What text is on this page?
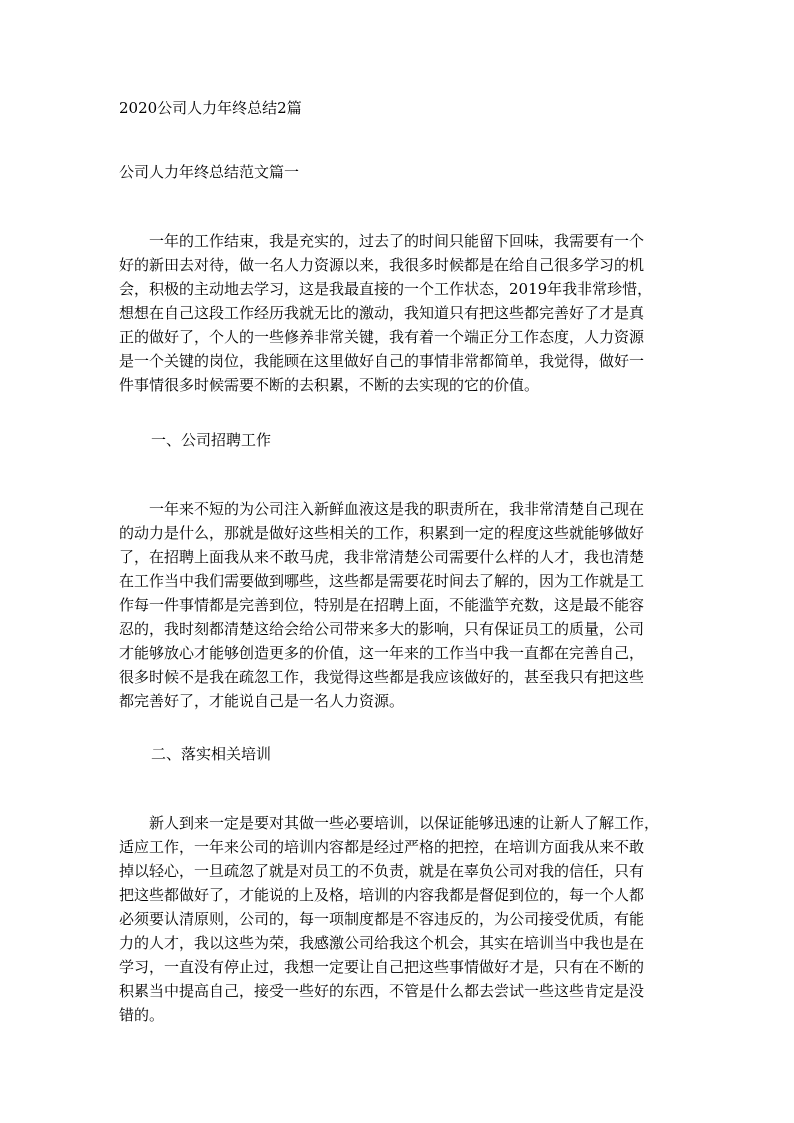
2020公司人力年终总结2篇

公司人力年终总结范文篇一

一年的工作结束，我是充实的，过去了的时间只能留下回味，我需要有一个
好的新田去对待，做一名人力资源以来，我很多时候都是在给自己很多学习的机
会，积极的主动地去学习，这是我最直接的一个工作状态，2019年我非常珍惜，
想想在自己这段工作经历我就无比的激动，我知道只有把这些都完善好了才是真
正的做好了，个人的一些修养非常关键，我有着一个端正分工作态度，人力资源
是一个关键的岗位，我能顾在这里做好自己的事情非常都简单，我觉得，做好一
件事情很多时候需要不断的去积累，不断的去实现的它的价值。

一、公司招聘工作

一年来不短的为公司注入新鲜血液这是我的职责所在，我非常清楚自己现在
的动力是什么，那就是做好这些相关的工作，积累到一定的程度这些就能够做好
了，在招聘上面我从来不敢马虎，我非常清楚公司需要什么样的人才，我也清楚
在工作当中我们需要做到哪些，这些都是需要花时间去了解的，因为工作就是工
作每一件事情都是完善到位，特别是在招聘上面，不能滥竽充数，这是最不能容
忍的，我时刻都清楚这给会给公司带来多大的影响，只有保证员工的质量，公司
才能够放心才能够创造更多的价值，这一年来的工作当中我一直都在完善自己，
很多时候不是我在疏忽工作，我觉得这些都是我应该做好的，甚至我只有把这些
都完善好了，才能说自己是一名人力资源。

二、落实相关培训

新人到来一定是要对其做一些必要培训，以保证能够迅速的让新人了解工作，
适应工作，一年来公司的培训内容都是经过严格的把控，在培训方面我从来不敢
掉以轻心，一旦疏忽了就是对员工的不负责，就是在辜负公司对我的信任，只有
把这些都做好了，才能说的上及格，培训的内容我都是督促到位的，每一个人都
必须要认清原则，公司的，每一项制度都是不容违反的，为公司接受优质，有能
力的人才，我以这些为荣，我感激公司给我这个机会，其实在培训当中我也是在
学习，一直没有停止过，我想一定要让自己把这些事情做好才是，只有在不断的
积累当中提高自己，接受一些好的东西，不管是什么都去尝试一些这些肯定是没
错的。
